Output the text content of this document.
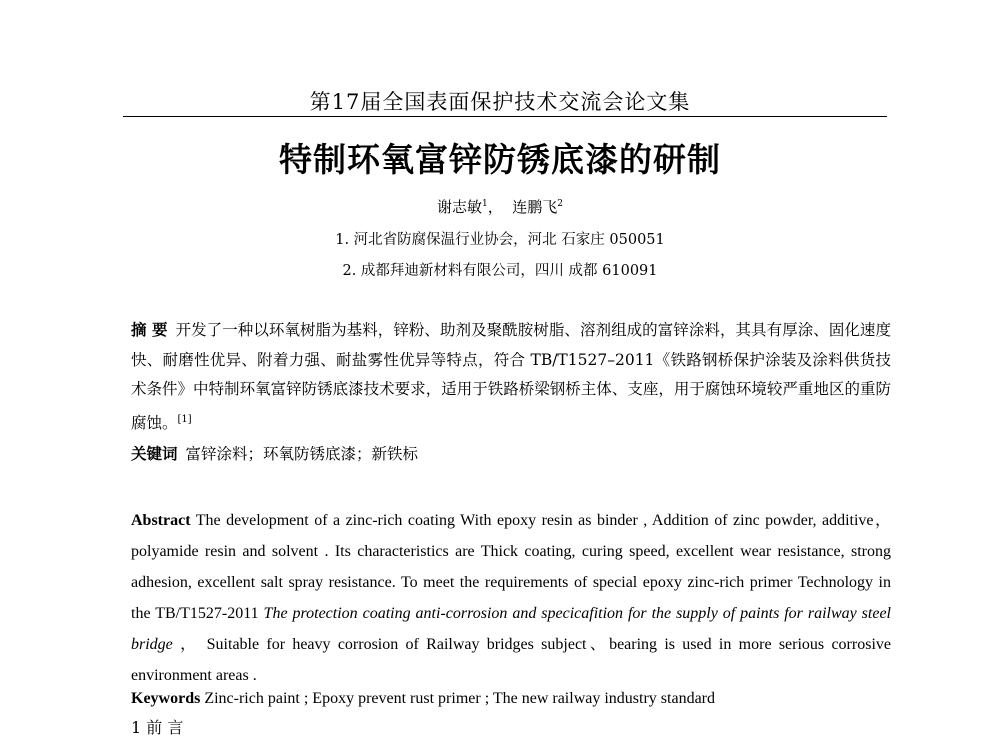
第17届全国表面保护技术交流会论文集
特制环氧富锌防锈底漆的研制
谢志敏$^1$， 连鹏飞$^2$
1. 河北省防腐保温行业协会，河北 石家庄 050051
2. 成都拜迪新材料有限公司，四川 成都 610091
摘 要 开发了一种以环氧树脂为基料，锌粉、助剂及聚酰胺树脂、溶剂组成的富锌涂料，其具有厚涂、固化速度快、耐磨性优异、附着力强、耐盐雾性优异等特点，符合 TB/T1527–2011《铁路钢桥保护涂装及涂料供货技术条件》中特制环氧富锌防锈底漆技术要求，适用于铁路桥梁钢桥主体、支座，用于腐蚀环境较严重地区的重防腐蚀。[1]
关键词 富锌涂料；环氧防锈底漆；新铁标
Abstract The development of a zinc-rich coating With epoxy resin as binder , Addition of zinc powder, additive，polyamide resin and solvent . Its characteristics are Thick coating, curing speed, excellent wear resistance, strong adhesion, excellent salt spray resistance. To meet the requirements of special epoxy zinc-rich primer Technology in the TB/T1527-2011 The protection coating anti-corrosion and specicafition for the supply of paints for railway steel bridge ， Suitable for heavy corrosion of Railway bridges subject、bearing is used in more serious corrosive environment areas .
Keywords Zinc-rich paint ; Epoxy prevent rust primer ; The new railway industry standard
1 前 言
